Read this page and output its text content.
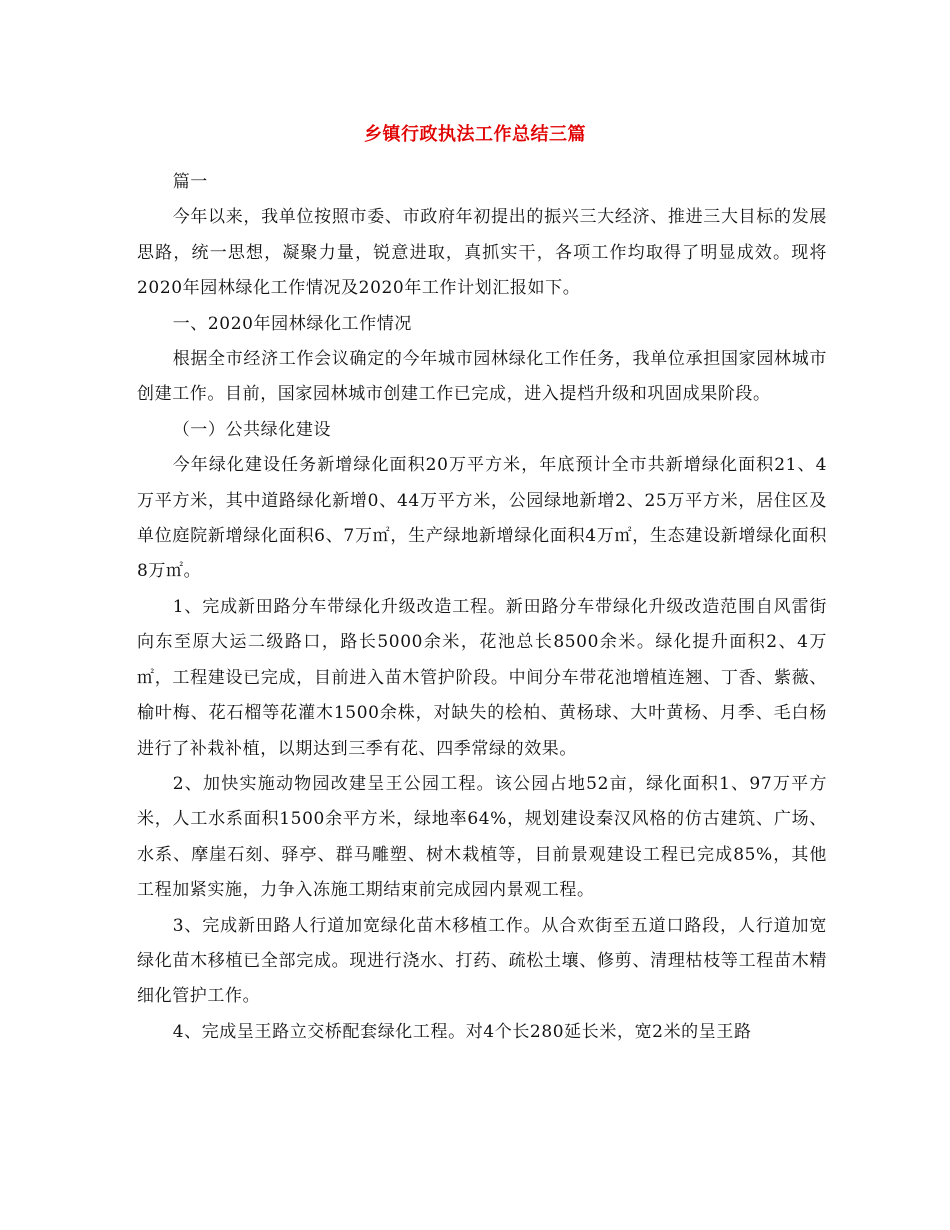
乡镇行政执法工作总结三篇

篇一

今年以来，我单位按照市委、市政府年初提出的振兴三大经济、推进三大目标的发展思路，统一思想，凝聚力量，锐意进取，真抓实干，各项工作均取得了明显成效。现将2020年园林绿化工作情况及2020年工作计划汇报如下。

一、2020年园林绿化工作情况

根据全市经济工作会议确定的今年城市园林绿化工作任务，我单位承担国家园林城市创建工作。目前，国家园林城市创建工作已完成，进入提档升级和巩固成果阶段。

（一）公共绿化建设

今年绿化建设任务新增绿化面积20万平方米，年底预计全市共新增绿化面积21、4万平方米，其中道路绿化新增0、44万平方米，公园绿地新增2、25万平方米，居住区及单位庭院新增绿化面积6、7万㎡，生产绿地新增绿化面积4万㎡，生态建设新增绿化面积8万㎡。

1、完成新田路分车带绿化升级改造工程。新田路分车带绿化升级改造范围自风雷街向东至原大运二级路口，路长5000余米，花池总长8500余米。绿化提升面积2、4万㎡，工程建设已完成，目前进入苗木管护阶段。中间分车带花池增植连翘、丁香、紫薇、榆叶梅、花石榴等花灌木1500余株，对缺失的桧柏、黄杨球、大叶黄杨、月季、毛白杨进行了补栽补植，以期达到三季有花、四季常绿的效果。

2、加快实施动物园改建呈王公园工程。该公园占地52亩，绿化面积1、97万平方米，人工水系面积1500余平方米，绿地率64%，规划建设秦汉风格的仿古建筑、广场、水系、摩崖石刻、驿亭、群马雕塑、树木栽植等，目前景观建设工程已完成85%，其他工程加紧实施，力争入冻施工期结束前完成园内景观工程。

3、完成新田路人行道加宽绿化苗木移植工作。从合欢街至五道口路段，人行道加宽绿化苗木移植已全部完成。现进行浇水、打药、疏松土壤、修剪、清理枯枝等工程苗木精细化管护工作。

4、完成呈王路立交桥配套绿化工程。对4个长280延长米，宽2米的呈王路
